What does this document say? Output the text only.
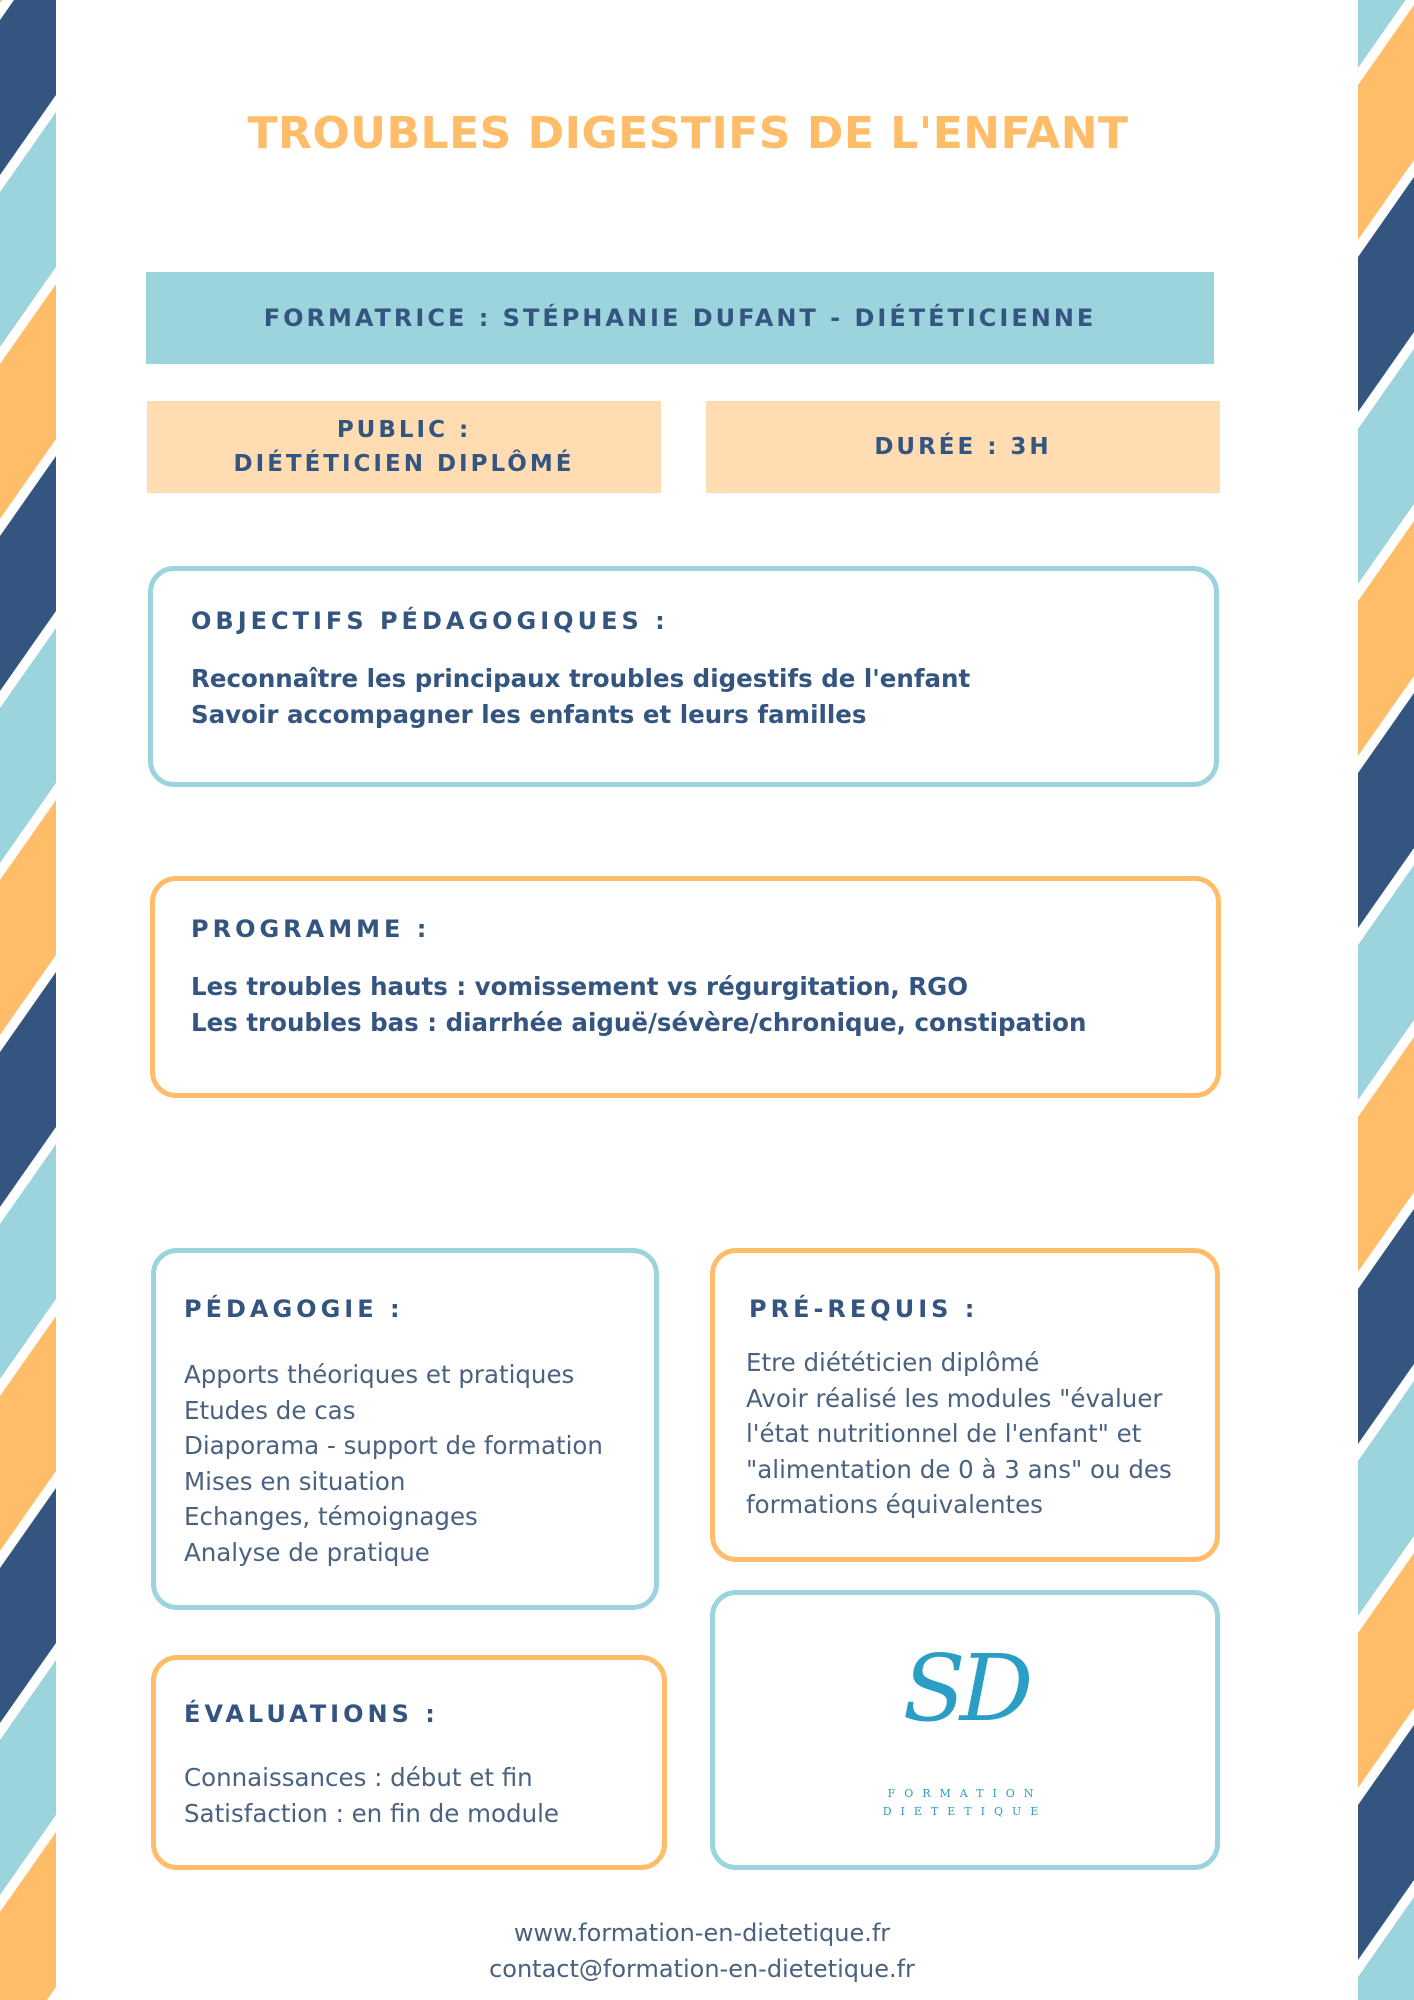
TROUBLES DIGESTIFS DE L'ENFANT
FORMATRICE : STÉPHANIE DUFANT - DIÉTÉTICIENNE
PUBLIC :
DIÉTÉTICIEN DIPLÔMÉ
DURÉE : 3H
OBJECTIFS PÉDAGOGIQUES :
Reconnaître les principaux troubles digestifs de l'enfant
Savoir accompagner les enfants et leurs familles
PROGRAMME :
Les troubles hauts : vomissement vs régurgitation, RGO
Les troubles bas : diarrhée aiguë/sévère/chronique, constipation
PÉDAGOGIE :
Apports théoriques et pratiques
Etudes de cas
Diaporama - support de formation
Mises en situation
Echanges, témoignages
Analyse de pratique
PRÉ-REQUIS :
Etre diététicien diplômé
Avoir réalisé les modules "évaluer
l'état nutritionnel de l'enfant" et
"alimentation de 0 à 3 ans" ou des
formations équivalentes
ÉVALUATIONS :
Connaissances : début et fin
Satisfaction : en fin de module
SD
FORMATION
DIETETIQUE
www.formation-en-dietetique.fr
contact@formation-en-dietetique.fr
